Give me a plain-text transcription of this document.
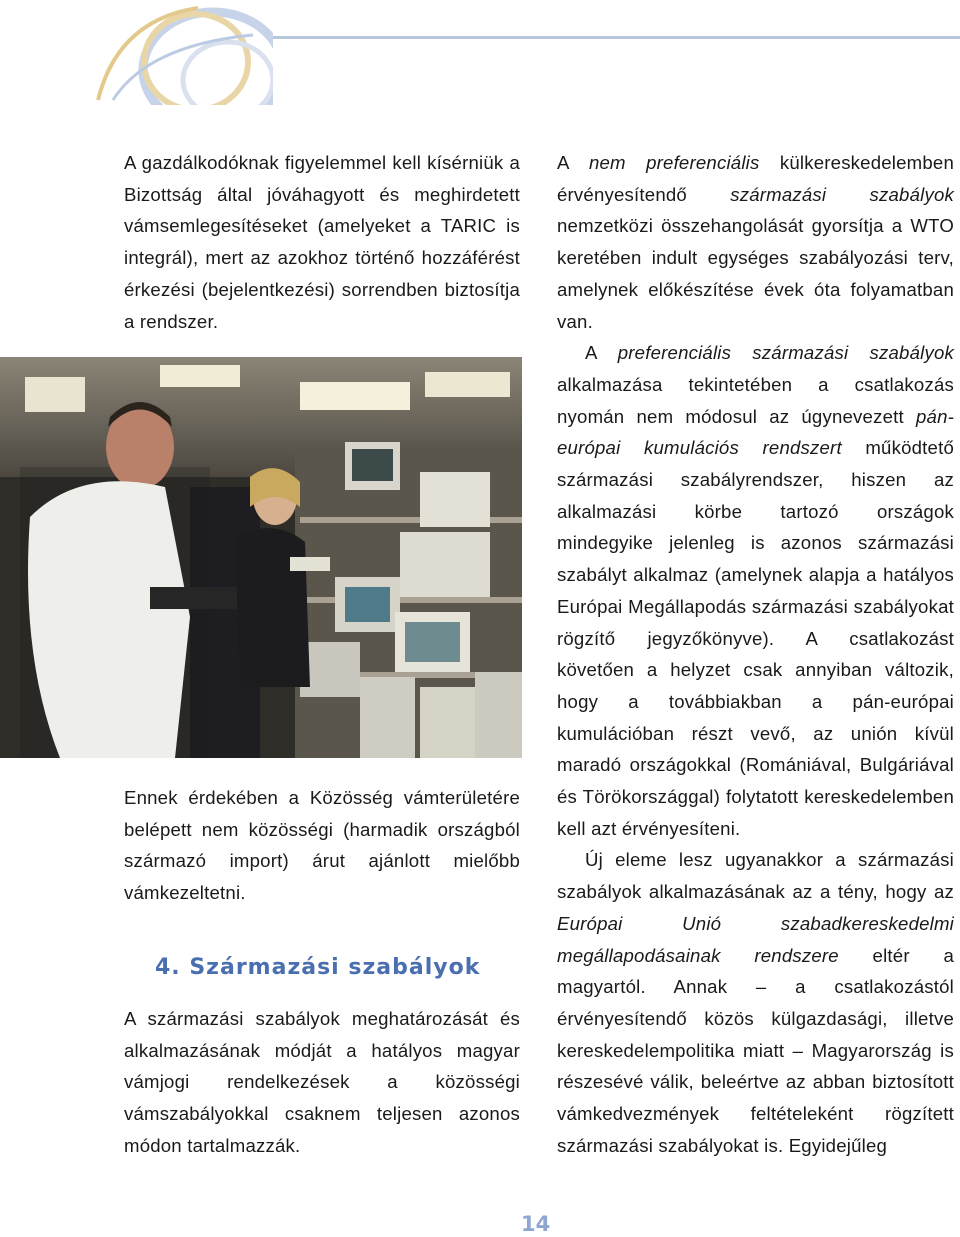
A gazdálkodóknak figyelemmel kell kísérniük a Bizottság által jóváhagyott és meghirdetett vámsemlegesítéseket (amelyeket a TARIC is integrál), mert az azokhoz történő hozzáférést érkezési (bejelentkezési) sorrendben biztosítja a rendszer.

Ennek érdekében a Közösség vámterületére belépett nem közösségi (harmadik országból származó import) árut ajánlott mielőbb vámkezeltetni.

4. Származási szabályok

A származási szabályok meghatározását és alkalmazásának módját a hatályos magyar vámjogi rendelkezések a közösségi vámszabályokkal csaknem teljesen azonos módon tartalmazzák.

A nem preferenciális külkereskedelemben érvényesítendő származási szabályok nemzetközi összehangolását gyorsítja a WTO keretében indult egységes szabályozási terv, amelynek előkészítése évek óta folyamatban van.

A preferenciális származási szabályok alkalmazása tekintetében a csatlakozás nyomán nem módosul az úgynevezett pán-európai kumulációs rendszert működtető származási szabályrendszer, hiszen az alkalmazási körbe tartozó országok mindegyike jelenleg is azonos származási szabályt alkalmaz (amelynek alapja a hatályos Európai Megállapodás származási szabályokat rögzítő jegyzőkönyve). A csatlakozást követően a helyzet csak annyiban változik, hogy a továbbiakban a pán-európai kumulációban részt vevő, az unión kívül maradó országokkal (Romániával, Bulgáriával és Törökországgal) folytatott kereskedelemben kell azt érvényesíteni.

Új eleme lesz ugyanakkor a származási szabályok alkalmazásának az a tény, hogy az Európai Unió szabadkereskedelmi megállapodásainak rendszere eltér a magyartól. Annak – a csatlakozástól érvényesítendő közös külgazdasági, illetve kereskedelempolitika miatt – Magyarország is részesévé válik, beleértve az abban biztosított vámkedvezmények feltételeként rögzített származási szabályokat is. Egyidejűleg

14
